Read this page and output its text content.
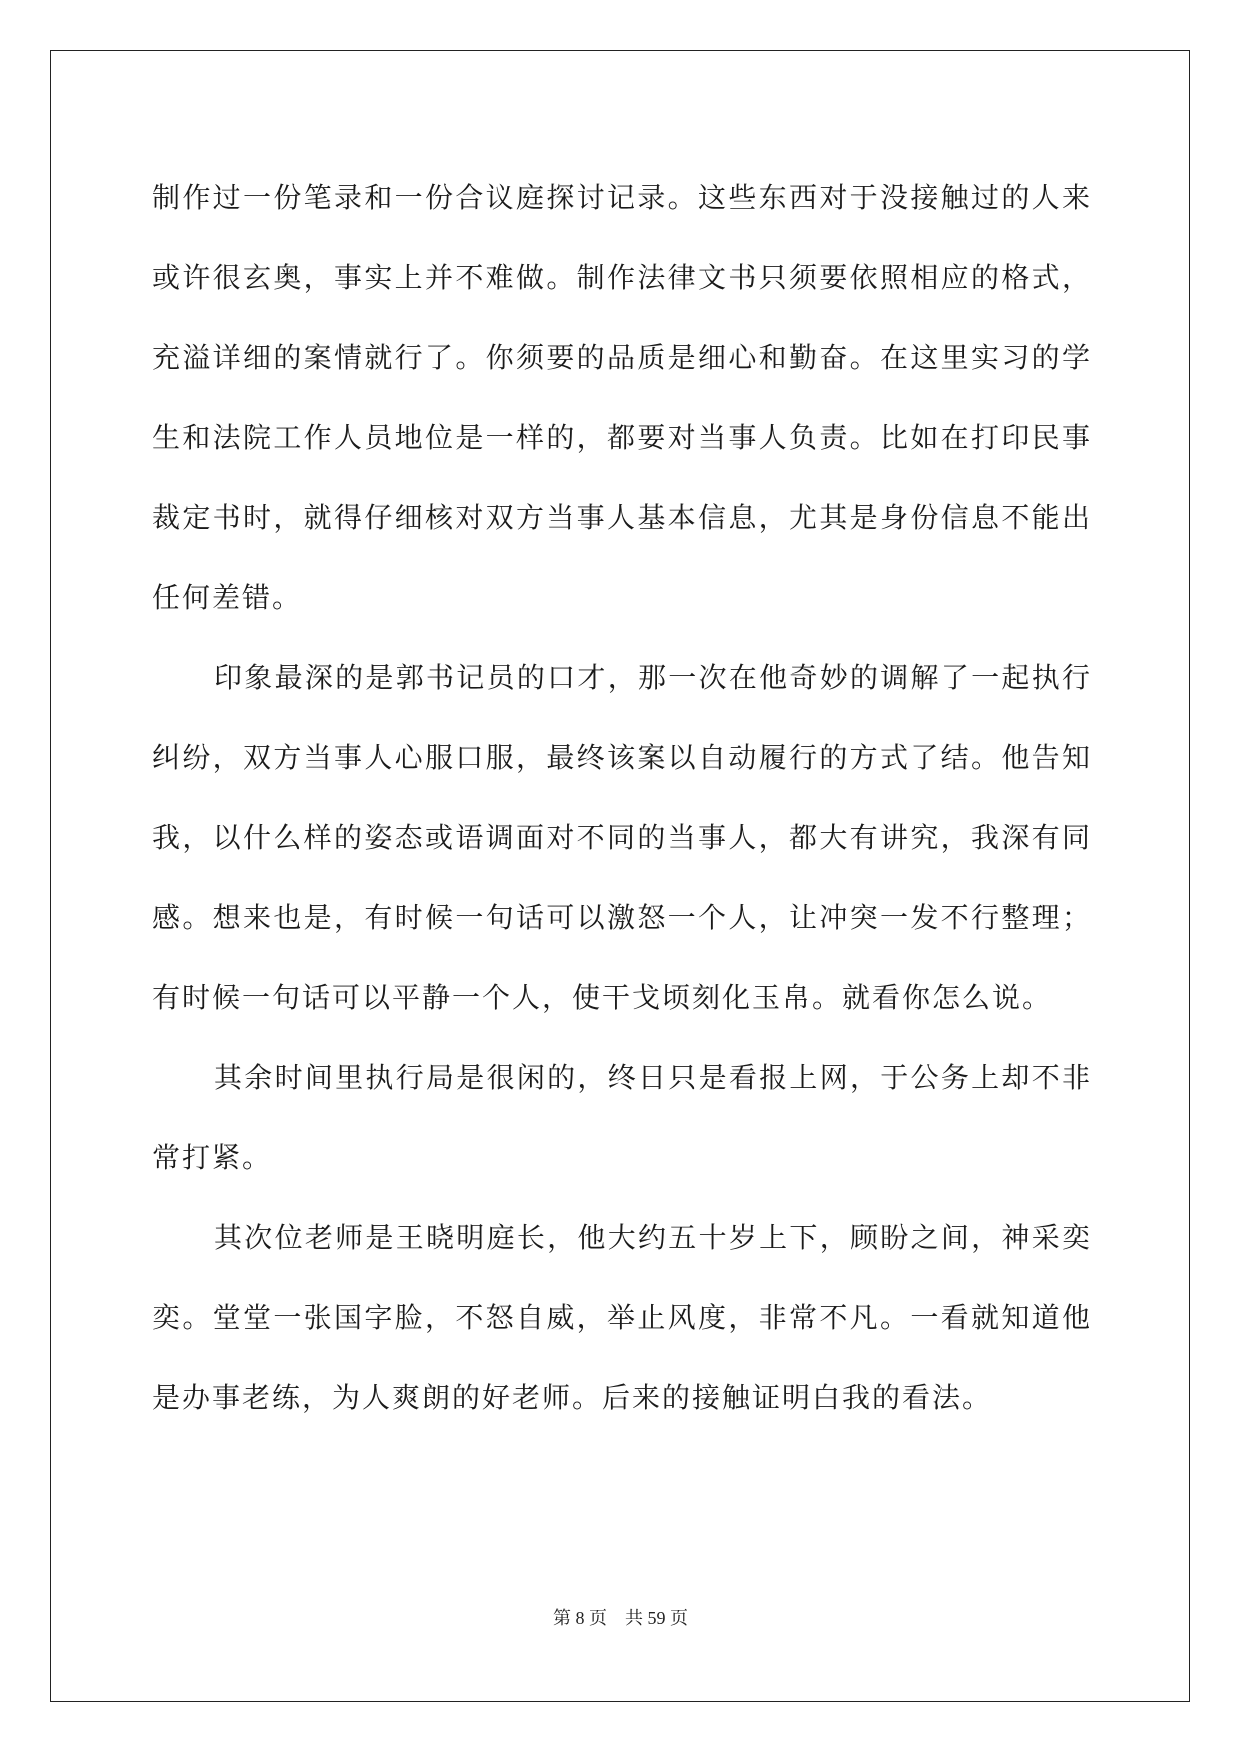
制作过一份笔录和一份合议庭探讨记录。这些东西对于没接触过的人来或许很玄奥，事实上并不难做。制作法律文书只须要依照相应的格式，充溢详细的案情就行了。你须要的品质是细心和勤奋。在这里实习的学生和法院工作人员地位是一样的，都要对当事人负责。比如在打印民事裁定书时，就得仔细核对双方当事人基本信息，尤其是身份信息不能出任何差错。

印象最深的是郭书记员的口才，那一次在他奇妙的调解了一起执行纠纷，双方当事人心服口服，最终该案以自动履行的方式了结。他告知我，以什么样的姿态或语调面对不同的当事人，都大有讲究，我深有同感。想来也是，有时候一句话可以激怒一个人，让冲突一发不行整理；有时候一句话可以平静一个人，使干戈顷刻化玉帛。就看你怎么说。

其余时间里执行局是很闲的，终日只是看报上网，于公务上却不非常打紧。

其次位老师是王晓明庭长，他大约五十岁上下，顾盼之间，神采奕奕。堂堂一张国字脸，不怒自威，举止风度，非常不凡。一看就知道他是办事老练，为人爽朗的好老师。后来的接触证明白我的看法。

第 8 页 共 59 页
